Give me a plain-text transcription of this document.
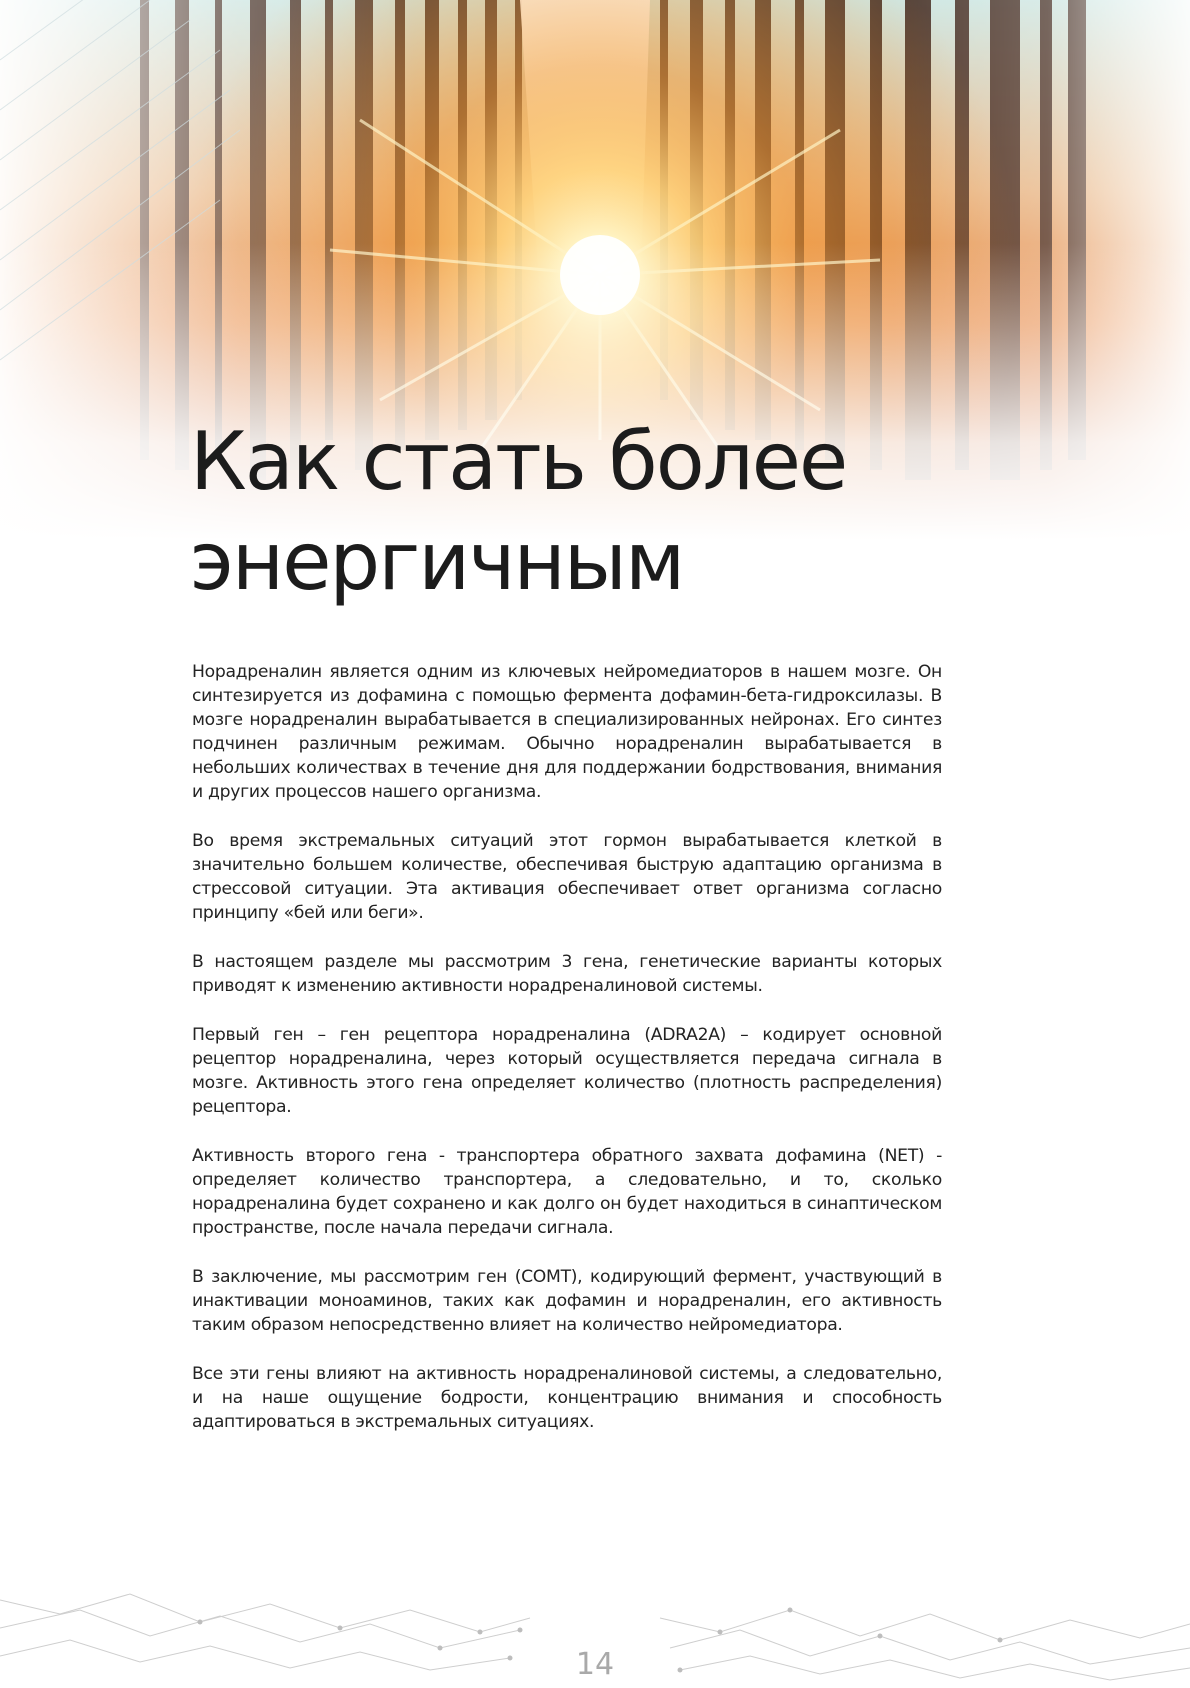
Как стать более
энергичным

Норадреналин является одним из ключевых нейромедиаторов в нашем мозге. Он синтезируется из дофамина с помощью фермента дофамин-бета-гидроксилазы. В мозге норадреналин вырабатывается в специализированных нейронах. Его синтез подчинен различным режимам. Обычно норадреналин вырабатывается в небольших количествах в течение дня для поддержании бодрствования, внимания и других процессов нашего организма.

Во время экстремальных ситуаций этот гормон вырабатывается клеткой в значительно большем количестве, обеспечивая быструю адаптацию организма в стрессовой ситуации. Эта активация обеспечивает ответ организма согласно принципу «бей или беги».

В настоящем разделе мы рассмотрим 3 гена, генетические варианты которых приводят к изменению активности норадреналиновой системы.

Первый ген – ген рецептора норадреналина (ADRA2A) – кодирует основной рецептор норадреналина, через который осуществляется передача сигнала в мозге. Активность этого гена определяет количество (плотность распределения) рецептора.

Активность второго гена - транспортера обратного захвата дофамина (NET) - определяет количество транспортера, а следовательно, и то, сколько норадреналина будет сохранено и как долго он будет находиться в синаптическом пространстве, после начала передачи сигнала.

В заключение, мы рассмотрим ген (COMT), кодирующий фермент, участвующий в инактивации моноаминов, таких как дофамин и норадреналин, его активность таким образом непосредственно влияет на количество нейромедиатора.

Все эти гены влияют на активность норадреналиновой системы, а следовательно, и на наше ощущение бодрости, концентрацию внимания и способность адаптироваться в экстремальных ситуациях.

14
